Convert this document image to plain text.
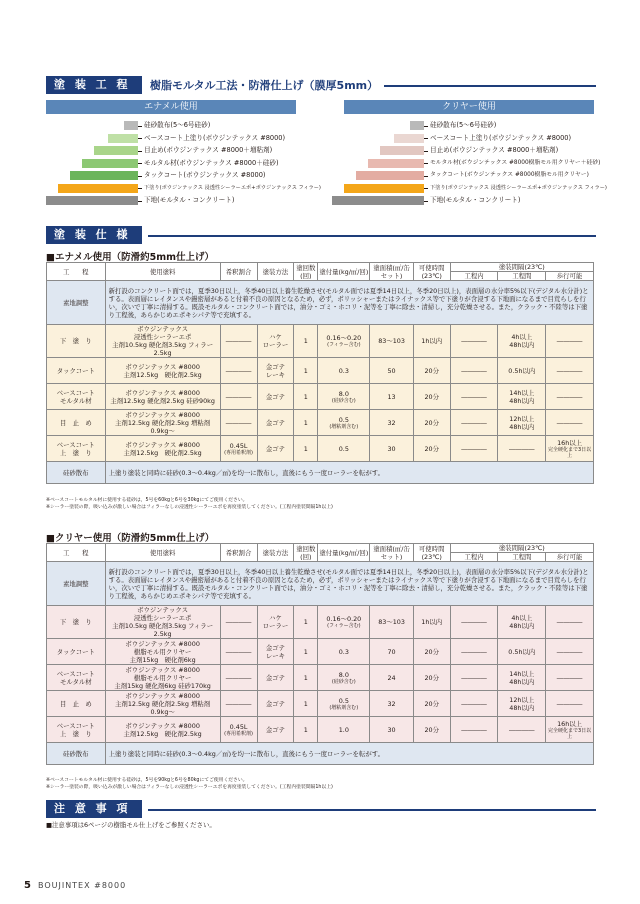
塗 装 工 程	樹脂モルタル工法・防滑仕上げ（膜厚5mm）
エナメル使用	クリヤー使用
硅砂散布(5～6号硅砂)
ベースコート上塗り(ボウジンテックス #8000)
目止め(ボウジンテックス #8000＋増粘剤)
モルタル材(ボウジンテックス #8000＋硅砂)
タックコート(ボウジンテックス #8000)
下塗り(ボウジンテックス 浸透性シーラーエポ+ボウジンテックス フィラー)
下地(モルタル・コンクリート)
硅砂散布(5～6号硅砂)
ベースコート上塗り(ボウジンテックス #8000)
目止め(ボウジンテックス #8000＋増粘剤)
モルタル材(ボウジンテックス #8000樹脂モル用クリヤー＋硅砂)
タックコート(ボウジンテックス #8000樹脂モル用クリヤー)
下塗り(ボウジンテックス 浸透性シーラーエポ+ボウジンテックス フィラー)
下地(モルタル・コンクリート)
塗 装 仕 様
■エナメル使用（防滑約5mm仕上げ）
工　　程	使用塗料	希釈割合	塗装方法	塗回数(回)	塗付量(kg/㎡/回)	塗面積(㎡/缶セット)	可使時間(23℃)	塗装間隔(23℃)		
								工程内	工程間	歩行可能
素地調整	新打設のコンクリート面では，夏季30日以上，冬季40日以上養生乾燥させ(モルタル面では夏季14日以上，冬季20日以上)，表面層の水分率5%以下(デジタル水分計)とする。表面層にレイタンスや鏝密層があると付着不良の原因となるため，必ず，ポリッシャーまたはライナックス等で下塗りが含浸する下地面になるまで目荒らしを行い，次いで丁寧に清掃する。既設モルタル・コンクリート面では，油分・ゴミ・ホコリ・泥等を丁寧に除去・清掃し，充分乾燥させる。また，クラック・不陸等は下塗り工程後，あらかじめエポキシパテ等で充填する。									
下　塗　り	ボウジンテックス
浸透性シーラーエポ
主剤10.5kg 硬化剤3.5kg フィラー2.5kg	――――	ハケ
ローラー	1	0.16～0.20
(フィラー含む)	83～103	1h以内	――――	4h以上
48h以内	――――
タックコート	ボウジンテックス #8000
主剤12.5kg　硬化剤2.5kg	――――	金ゴテ
レーキ	1	0.3	50	20分	――――	0.5h以内	――――
ベースコート
モルタル材	ボウジンテックス #8000
主剤12.5kg 硬化剤2.5kg 硅砂90kg	――――	金ゴテ	1	8.0
(硅砂含む)	13	20分	――――	14h以上
48h以内	――――
目　止　め	ボウジンテックス #8000
主剤12.5kg 硬化剤2.5kg 増粘剤0.9kg～	――――	金ゴテ	1	0.5
(増粘剤含む)	32	20分	――――	12h以上
48h以内	――――
ベースコート
上　塗　り	ボウジンテックス #8000
主剤12.5kg　硬化剤2.5kg	0.45L
(専用希釈剤)	金ゴテ	1	0.5	30	20分	――――	――――	16h以上
完全硬化まで3日以上

硅砂散布	上塗り塗装と同時に硅砂(0.3～0.4kg／㎡)を均一に散布し，直後にもう一度ローラーを転がす。									
※ベースコートモルタル材に使用する硅砂は，5号を60kgと6号を30kgにてご使用ください。
※シーラー塗装の際，吸い込みが激しい場合はフィラーなしの浸透性シーラーエポを再度塗装してください。(工程内塗装間隔1h以上)
■クリヤー使用（防滑約5mm仕上げ）
工　　程	使用塗料	希釈割合	塗装方法	塗回数(回)	塗付量(kg/㎡/回)	塗面積(㎡/缶セット)	可使時間(23℃)	塗装間隔(23℃)		
								工程内	工程間	歩行可能
素地調整	新打設のコンクリート面では，夏季30日以上，冬季40日以上養生乾燥させ(モルタル面では夏季14日以上，冬季20日以上)，表面層の水分率5%以下(デジタル水分計)とする。表面層にレイタンスや鏝密層があると付着不良の原因となるため，必ず，ポリッシャーまたはライナックス等で下塗りが含浸する下地面になるまで目荒らしを行い，次いで丁寧に清掃する。既設モルタル・コンクリート面では，油分・ゴミ・ホコリ・泥等を丁寧に除去・清掃し，充分乾燥させる。また，クラック・不陸等は下塗り工程後，あらかじめエポキシパテ等で充填する。									
下　塗　り	ボウジンテックス
浸透性シーラーエポ
主剤10.5kg 硬化剤3.5kg フィラー2.5kg	――――	ハケ
ローラー	1	0.16～0.20
(フィラー含む)	83～103	1h以内	――――	4h以上
48h以内	――――
タックコート	ボウジンテックス #8000
樹脂モル用クリヤー
主剤15kg　硬化剤6kg	――――	金ゴテ
レーキ	1	0.3	70	20分	――――	0.5h以内	――――
ベースコート
モルタル材	ボウジンテックス #8000
樹脂モル用クリヤー
主剤15kg 硬化剤6kg 硅砂170kg	――――	金ゴテ	1	8.0
(硅砂含む)	24	20分	――――	14h以上
48h以内	――――
目　止　め	ボウジンテックス #8000
主剤12.5kg 硬化剤2.5kg 増粘剤0.9kg～	――――	金ゴテ	1	0.5
(増粘剤含む)	32	20分	――――	12h以上
48h以内	――――
ベースコート
上　塗　り	ボウジンテックス #8000
主剤12.5kg　硬化剤2.5kg	0.45L
(専用希釈剤)	金ゴテ	1	1.0	30	20分	――――	――――	16h以上
完全硬化まで3日以上

硅砂散布	上塗り塗装と同時に硅砂(0.3～0.4kg／㎡)を均一に散布し，直後にもう一度ローラーを転がす。									
※ベースコートモルタル材に使用する硅砂は，5号を90kgと6号を80kgにてご使用ください。
※シーラー塗装の際，吸い込みが激しい場合はフィラーなしの浸透性シーラーエポを再度塗装してください。(工程内塗装間隔1h以上)
注 意 事 項
■注意事項は6ページの樹脂モル仕上げをご参照ください。
5 BOUJINTEX #8000
